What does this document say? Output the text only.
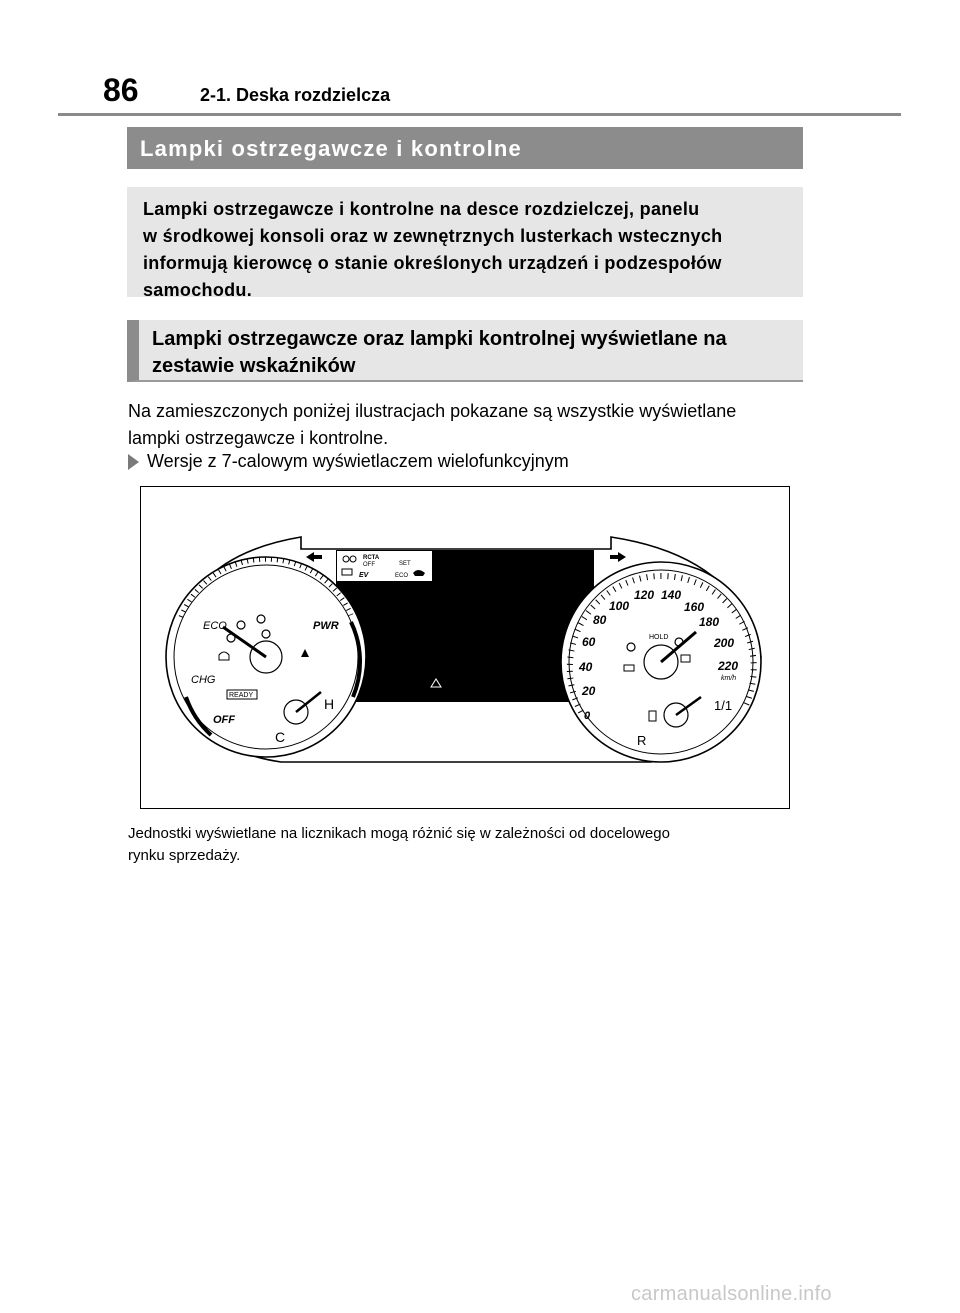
86	2-1. Deska rozdzielcza
Lampki ostrzegawcze i kontrolne
Lampki ostrzegawcze i kontrolne na desce rozdzielczej, panelu
w środkowej konsoli oraz w zewnętrznych lusterkach wstecznych
informują kierowcę o stanie określonych urządzeń i podzespołów
samochodu.
Lampki ostrzegawcze oraz lampki kontrolnej wyświetlane na
zestawie wskaźników
Na zamieszczonych poniżej ilustracjach pokazane są wszystkie wyświetlane
lampki ostrzegawcze i kontrolne.
Wersje z 7-calowym wyświetlaczem wielofunkcyjnym
RCTA
OFF	SET
EV	ECO
ECO	PWR
CHG
OFF
READY
C
H
0
20
40
60
80
100
120 140
160
180
200
220
km/h
HOLD
R
1/1
Jednostki wyświetlane na licznikach mogą różnić się w zależności od docelowego
rynku sprzedaży.
carmanualsonline.info
